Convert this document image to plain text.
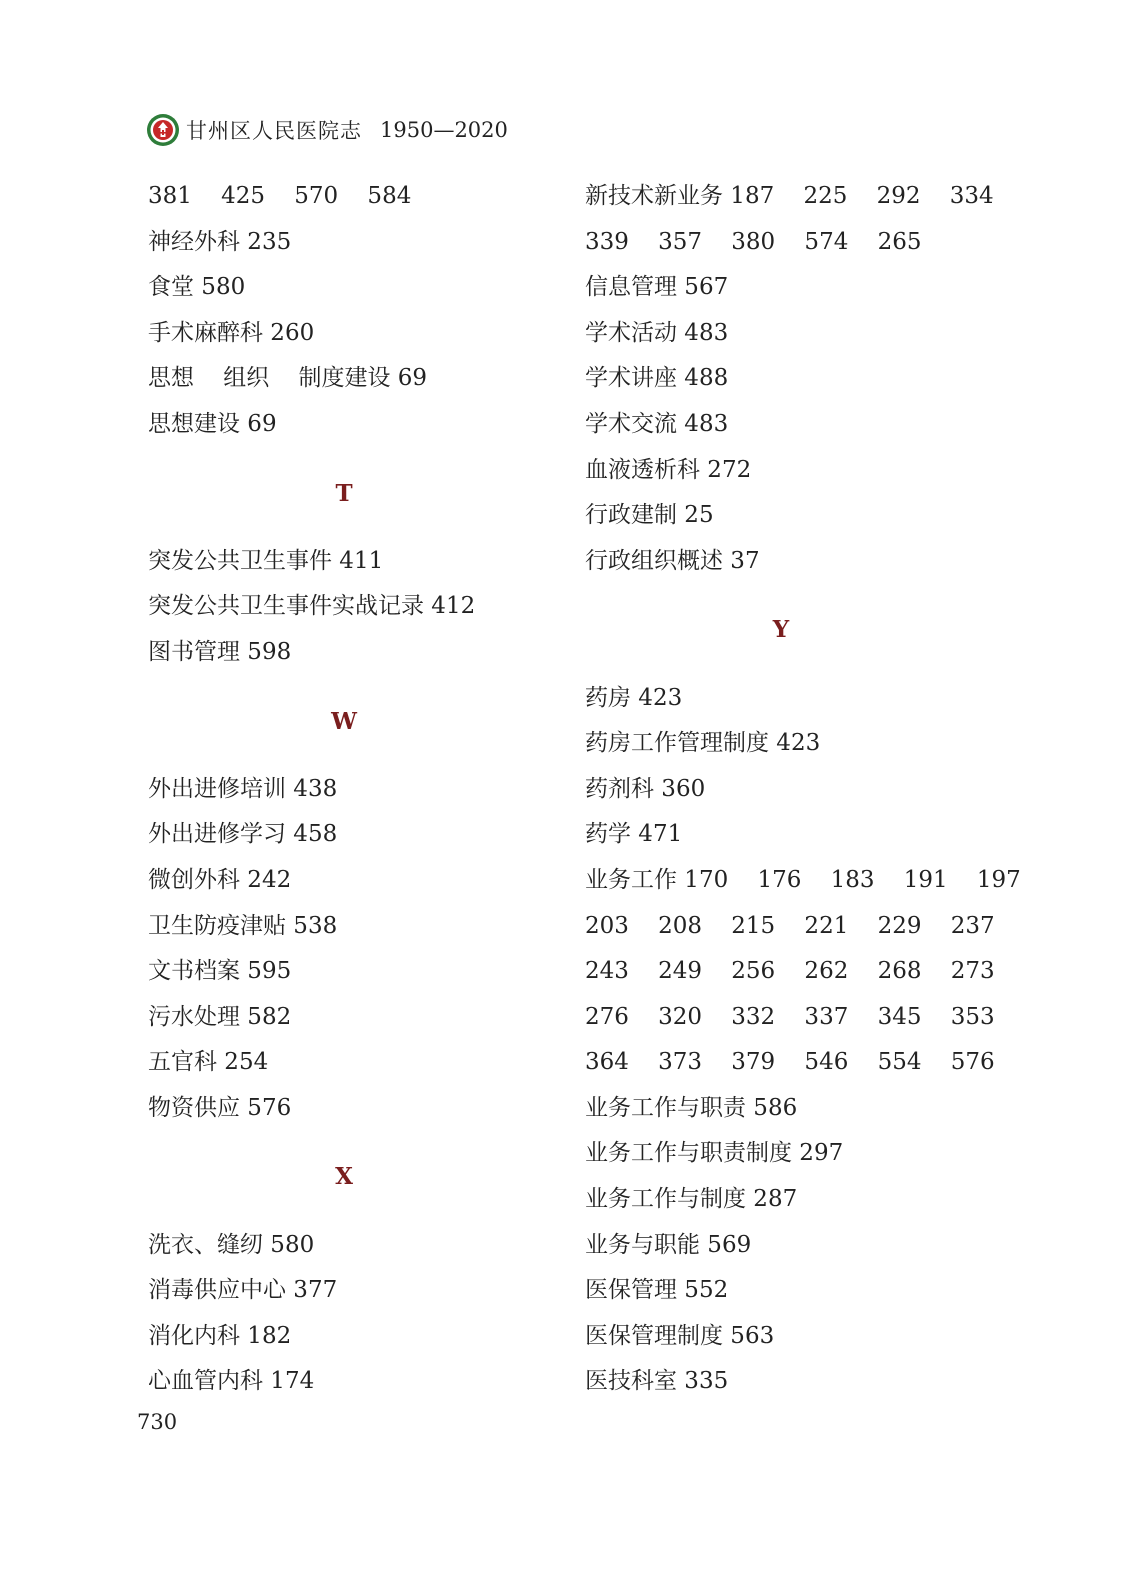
甘州区人民医院志 1950—2020
381    425    570    584
神经外科 235
食堂 580
手术麻醉科 260
思想    组织    制度建设 69
思想建设 69
T
突发公共卫生事件 411
突发公共卫生事件实战记录 412
图书管理 598
W
外出进修培训 438
外出进修学习 458
微创外科 242
卫生防疫津贴 538
文书档案 595
污水处理 582
五官科 254
物资供应 576
X
洗衣、缝纫 580
消毒供应中心 377
消化内科 182
心血管内科 174
新技术新业务 187    225    292    334
339    357    380    574    265
信息管理 567
学术活动 483
学术讲座 488
学术交流 483
血液透析科 272
行政建制 25
行政组织概述 37
Y
药房 423
药房工作管理制度 423
药剂科 360
药学 471
业务工作 170    176    183    191    197
203    208    215    221    229    237
243    249    256    262    268    273
276    320    332    337    345    353
364    373    379    546    554    576
业务工作与职责 586
业务工作与职责制度 297
业务工作与制度 287
业务与职能 569
医保管理 552
医保管理制度 563
医技科室 335
730
